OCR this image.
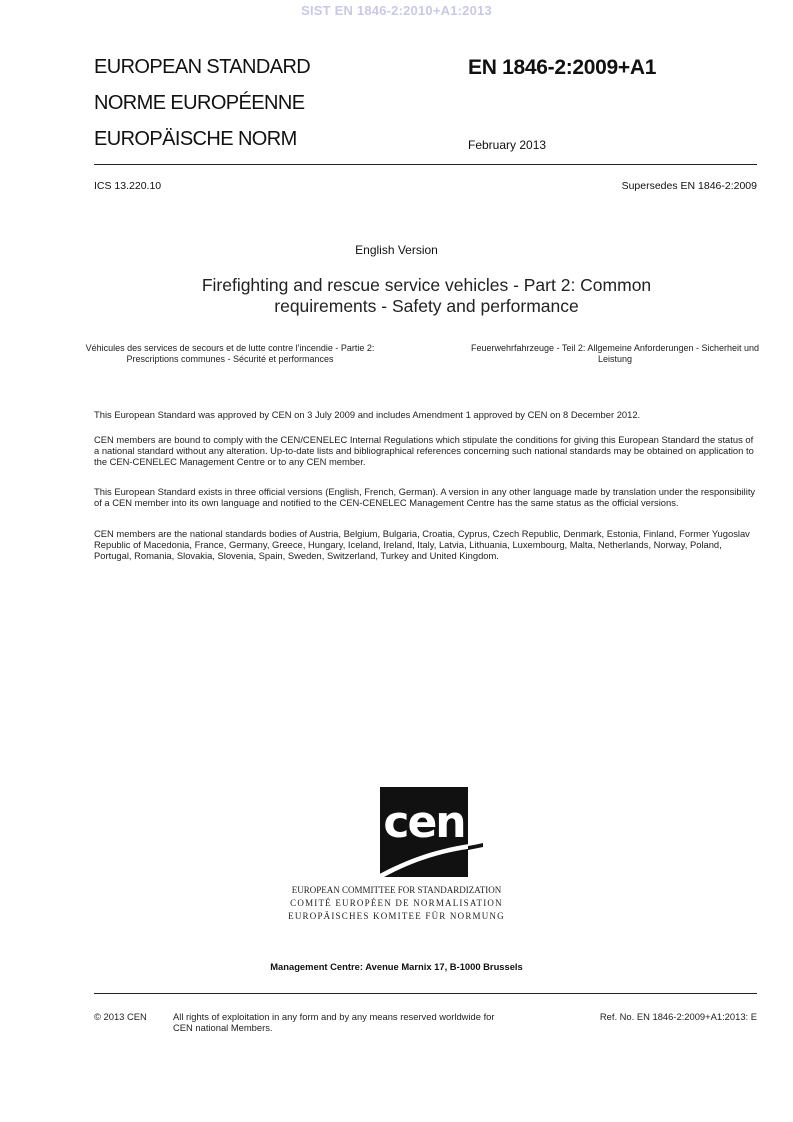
SIST EN 1846-2:2010+A1:2013
EUROPEAN STANDARD
NORME EUROPÉENNE
EUROPÄISCHE NORM
EN 1846-2:2009+A1
February 2013
ICS 13.220.10	Supersedes EN 1846-2:2009
English Version
Firefighting and rescue service vehicles - Part 2: Common requirements - Safety and performance
Véhicules des services de secours et de lutte contre l'incendie - Partie 2: Prescriptions communes - Sécurité et performances
Feuerwehrfahrzeuge - Teil 2: Allgemeine Anforderungen - Sicherheit und Leistung

This European Standard was approved by CEN on 3 July 2009 and includes Amendment 1 approved by CEN on 8 December 2012.

CEN members are bound to comply with the CEN/CENELEC Internal Regulations which stipulate the conditions for giving this European Standard the status of a national standard without any alteration. Up-to-date lists and bibliographical references concerning such national standards may be obtained on application to the CEN-CENELEC Management Centre or to any CEN member.

This European Standard exists in three official versions (English, French, German). A version in any other language made by translation under the responsibility of a CEN member into its own language and notified to the CEN-CENELEC Management Centre has the same status as the official versions.

CEN members are the national standards bodies of Austria, Belgium, Bulgaria, Croatia, Cyprus, Czech Republic, Denmark, Estonia, Finland, Former Yugoslav Republic of Macedonia, France, Germany, Greece, Hungary, Iceland, Ireland, Italy, Latvia, Lithuania, Luxembourg, Malta, Netherlands, Norway, Poland, Portugal, Romania, Slovakia, Slovenia, Spain, Sweden, Switzerland, Turkey and United Kingdom.

cen
EUROPEAN COMMITTEE FOR STANDARDIZATION
COMITÉ EUROPÉEN DE NORMALISATION
EUROPÄISCHES KOMITEE FÜR NORMUNG
Management Centre: Avenue Marnix 17, B-1000 Brussels
© 2013 CEN	All rights of exploitation in any form and by any means reserved worldwide for CEN national Members.
Ref. No. EN 1846-2:2009+A1:2013: E
